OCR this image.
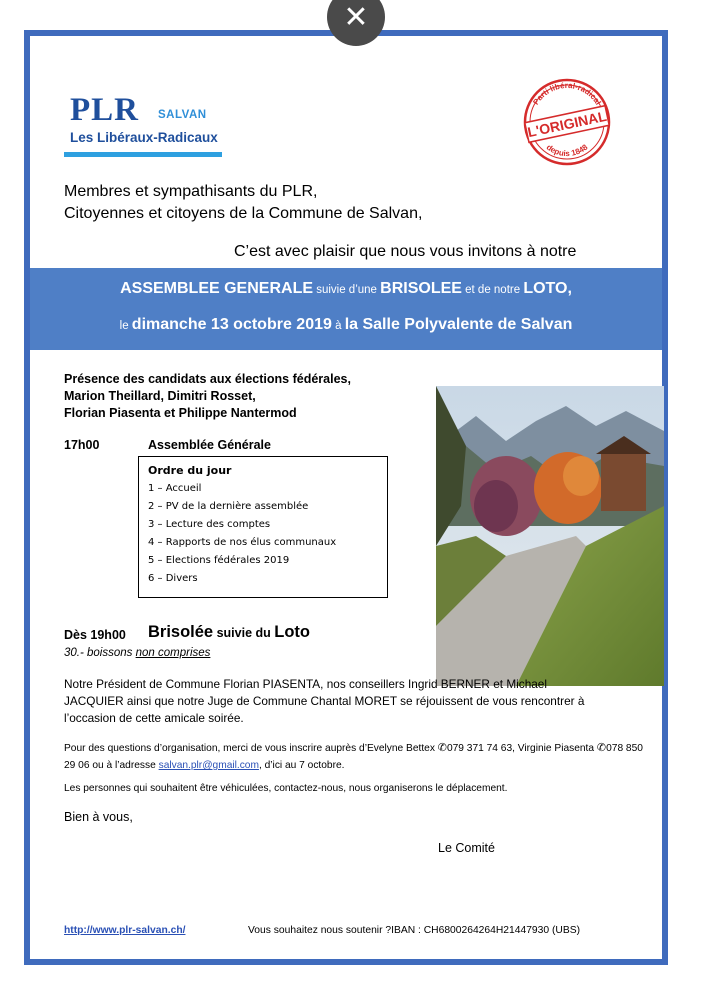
✕
PLR SALVAN
Les Libéraux-Radicaux
Parti libéral-radical
L'ORIGINAL
depuis 1848
Membres et sympathisants du PLR,
Citoyennes et citoyens de la Commune de Salvan,
C’est avec plaisir que nous vous invitons à notre
ASSEMBLEE GENERALE suivie d’une BRISOLEE et de notre LOTO,
le dimanche 13 octobre 2019 à la Salle Polyvalente de Salvan
Présence des candidats aux élections fédérales,
Marion Theillard, Dimitri Rosset,
Florian Piasenta et Philippe Nantermod
17h00	Assemblée Générale
Ordre du jour
1 – Accueil
2 – PV de la dernière assemblée
3 – Lecture des comptes
4 – Rapports de nos élus communaux
5 – Elections fédérales 2019
6 – Divers
Dès 19h00 Brisolée suivie du Loto
30.- boissons non comprises
Notre Président de Commune Florian PIASENTA, nos conseillers Ingrid BERNER et Michael JACQUIER ainsi que notre Juge de Commune Chantal MORET se réjouissent de vous rencontrer à l’occasion de cette amicale soirée.
Pour des questions d’organisation, merci de vous inscrire auprès d’Evelyne Bettex ✆079 371 74 63, Virginie Piasenta ✆078 850 29 06 ou à l’adresse salvan.plr@gmail.com, d’ici au 7 octobre.
Les personnes qui souhaitent être véhiculées, contactez-nous, nous organiserons le déplacement.
Bien à vous,
Le Comité
http://www.plr-salvan.ch/	Vous souhaitez nous soutenir ?IBAN : CH6800264264H21447930 (UBS)
